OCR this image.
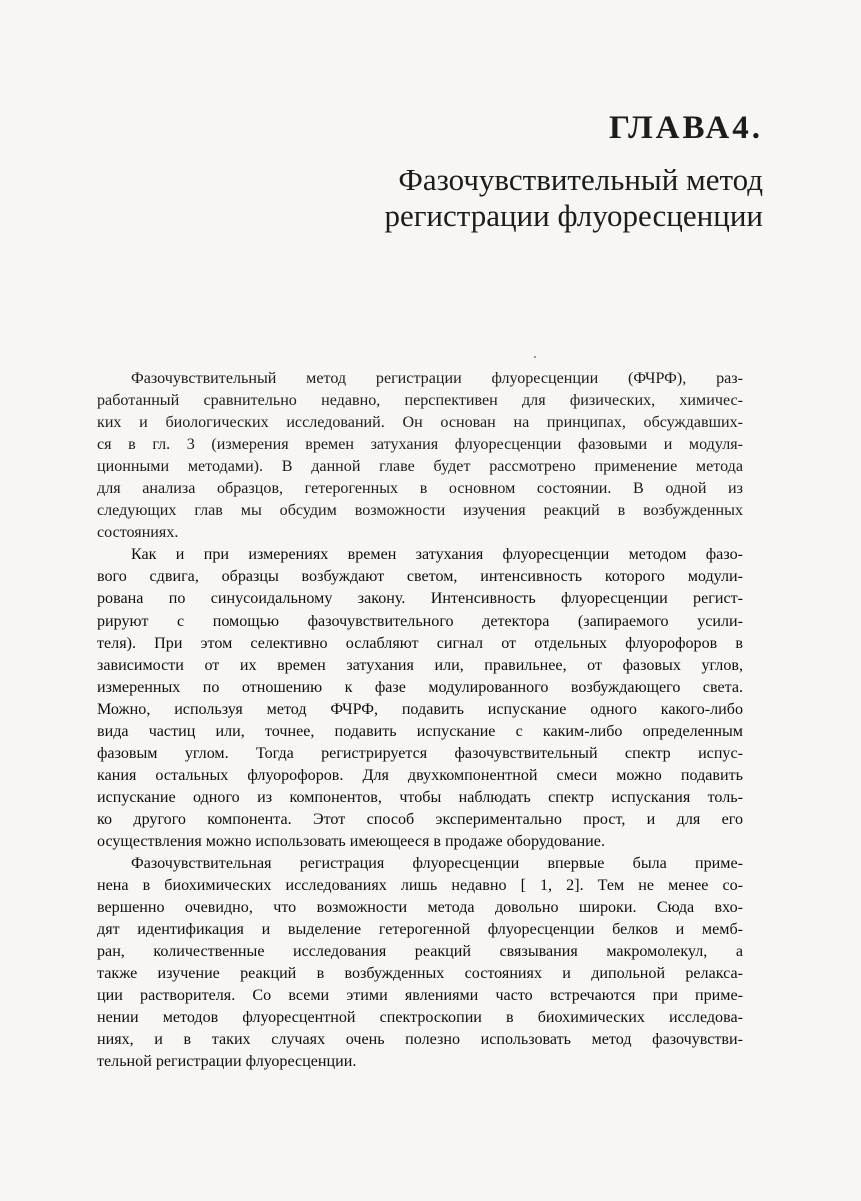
ГЛАВА4.
Фазочувствительный метод
регистрации флуоресценции

Фазочувствительный метод регистрации флуоресценции (ФЧРФ), раз-
работанный сравнительно недавно, перспективен для физических, химичес-
ких и биологических исследований. Он основан на принципах, обсуждавших-
ся в гл. 3 (измерения времен затухания флуоресценции фазовыми и модуля-
ционными методами). В данной главе будет рассмотрено применение метода
для анализа образцов, гетерогенных в основном состоянии. В одной из
следующих глав мы обсудим возможности изучения реакций в возбужденных
состояниях.

Как и при измерениях времен затухания флуоресценции методом фазо-
вого сдвига, образцы возбуждают светом, интенсивность которого модули-
рована по синусоидальному закону. Интенсивность флуоресценции регист-
рируют с помощью фазочувствительного детектора (запираемого усили-
теля). При этом селективно ослабляют сигнал от отдельных флуорофоров в
зависимости от их времен затухания или, правильнее, от фазовых углов,
измеренных по отношению к фазе модулированного возбуждающего света.
Можно, используя метод ФЧРФ, подавить испускание одного какого-либо
вида частиц или, точнее, подавить испускание с каким-либо определенным
фазовым углом. Тогда регистрируется фазочувствительный спектр испус-
кания остальных флуорофоров. Для двухкомпонентной смеси можно подавить
испускание одного из компонентов, чтобы наблюдать спектр испускания толь-
ко другого компонента. Этот способ экспериментально прост, и для его
осуществления можно использовать имеющееся в продаже оборудование.

Фазочувствительная регистрация флуоресценции впервые была приме-
нена в биохимических исследованиях лишь недавно [ 1, 2]. Тем не менее со-
вершенно очевидно, что возможности метода довольно широки. Сюда вхо-
дят идентификация и выделение гетерогенной флуоресценции белков и мемб-
ран, количественные исследования реакций связывания макромолекул, а
также изучение реакций в возбужденных состояниях и дипольной релакса-
ции растворителя. Со всеми этими явлениями часто встречаются при приме-
нении методов флуоресцентной спектроскопии в биохимических исследова-
ниях, и в таких случаях очень полезно использовать метод фазочувстви-
тельной регистрации флуоресценции.
